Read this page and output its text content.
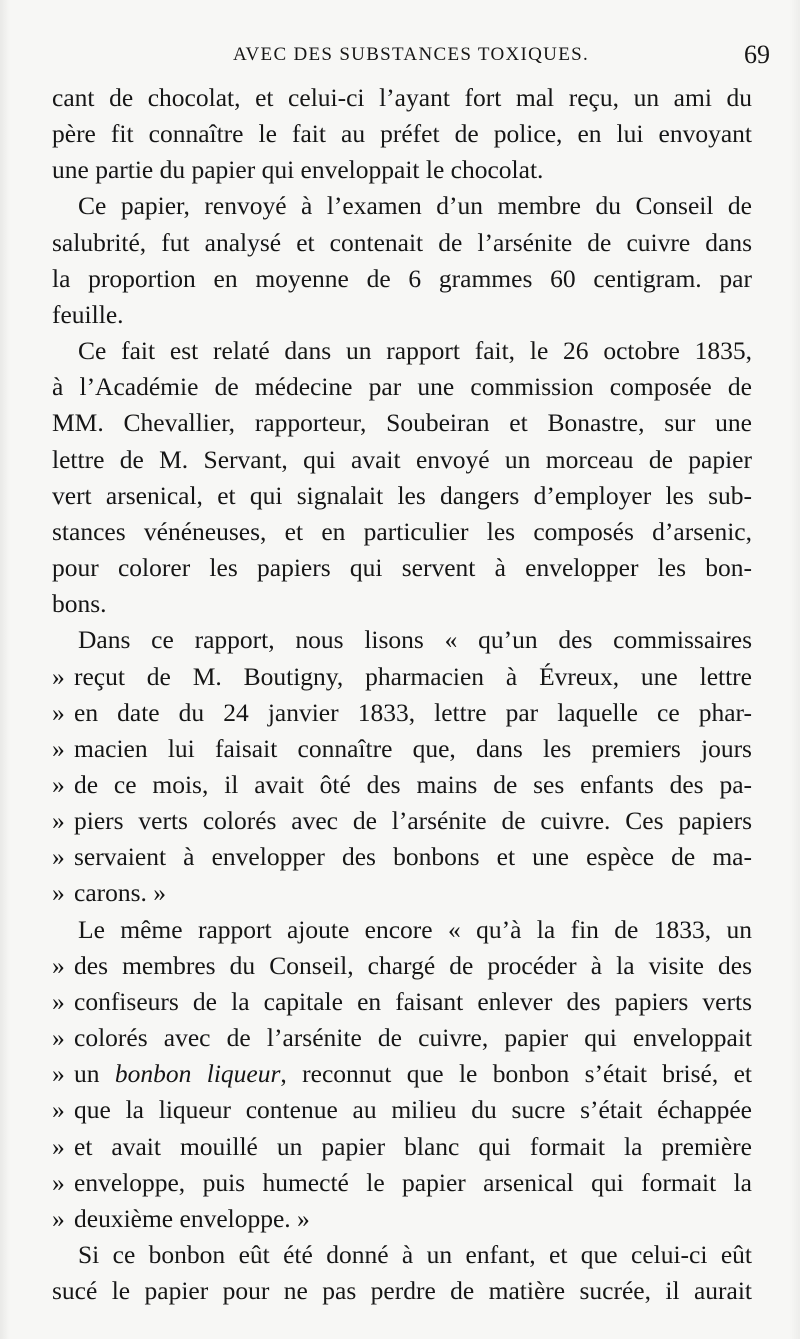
AVEC DES SUBSTANCES TOXIQUES.	69
cant de chocolat, et celui-ci l’ayant fort mal reçu, un ami du
père fit connaître le fait au préfet de police, en lui envoyant
une partie du papier qui enveloppait le chocolat.
Ce papier, renvoyé à l’examen d’un membre du Conseil de
salubrité, fut analysé et contenait de l’arsénite de cuivre dans
la proportion en moyenne de 6 grammes 60 centigram. par
feuille.
Ce fait est relaté dans un rapport fait, le 26 octobre 1835,
à l’Académie de médecine par une commission composée de
MM. Chevallier, rapporteur, Soubeiran et Bonastre, sur une
lettre de M. Servant, qui avait envoyé un morceau de papier
vert arsenical, et qui signalait les dangers d’employer les sub-
stances vénéneuses, et en particulier les composés d’arsenic,
pour colorer les papiers qui servent à envelopper les bon-
bons.
Dans ce rapport, nous lisons « qu’un des commissaires
» reçut de M. Boutigny, pharmacien à Évreux, une lettre
» en date du 24 janvier 1833, lettre par laquelle ce phar-
» macien lui faisait connaître que, dans les premiers jours
» de ce mois, il avait ôté des mains de ses enfants des pa-
» piers verts colorés avec de l’arsénite de cuivre. Ces papiers
» servaient à envelopper des bonbons et une espèce de ma-
» carons. »
Le même rapport ajoute encore « qu’à la fin de 1833, un
» des membres du Conseil, chargé de procéder à la visite des
» confiseurs de la capitale en faisant enlever des papiers verts
» colorés avec de l’arsénite de cuivre, papier qui enveloppait
» un bonbon liqueur, reconnut que le bonbon s’était brisé, et
» que la liqueur contenue au milieu du sucre s’était échappée
» et avait mouillé un papier blanc qui formait la première
» enveloppe, puis humecté le papier arsenical qui formait la
» deuxième enveloppe. »
Si ce bonbon eût été donné à un enfant, et que celui-ci eût
sucé le papier pour ne pas perdre de matière sucrée, il aurait
